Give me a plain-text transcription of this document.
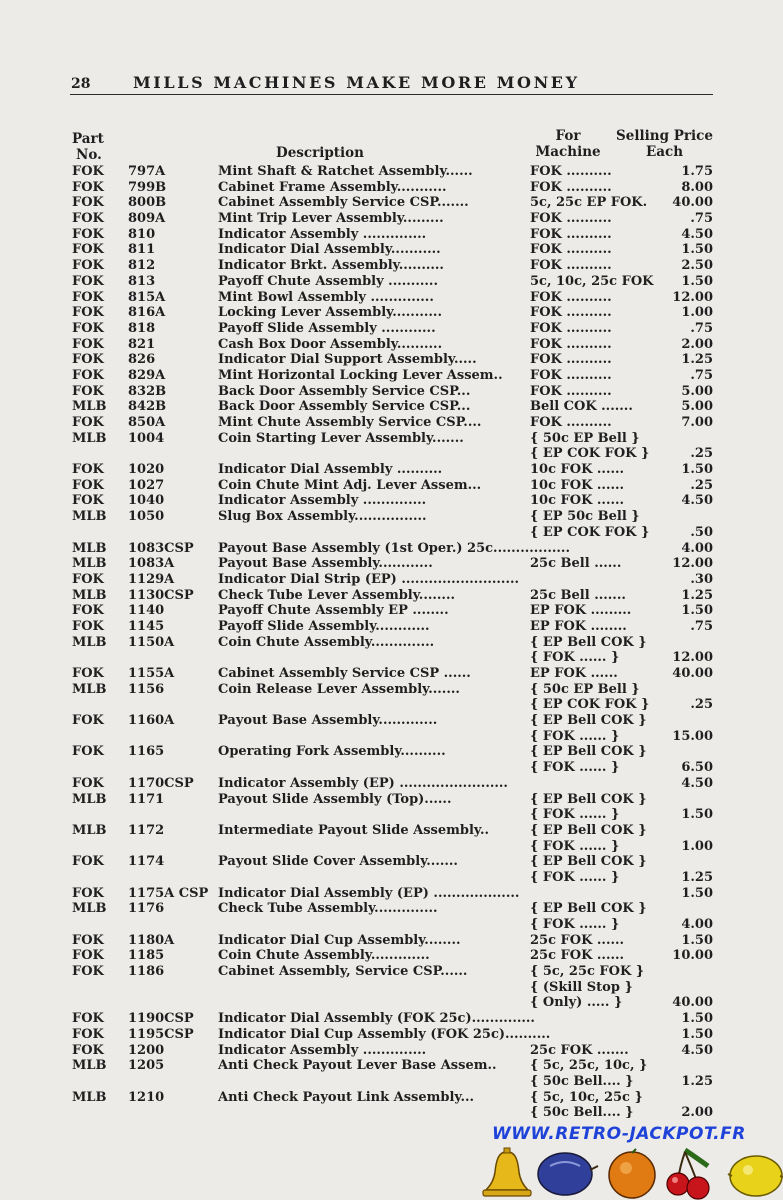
28	MILLS MACHINES MAKE MORE MONEY
Part
No.	Description
For
Machine
Selling Price
Each
FOK 797A	Mint Shaft & Ratchet Assembly......	FOK ..........	1.75
FOK 799B	Cabinet Frame Assembly...........	FOK ..........	8.00
FOK 800B	Cabinet Assembly Service CSP.......	5c, 25c EP FOK. 40.00
FOK 809A	Mint Trip Lever Assembly.........	FOK ..........	.75
FOK 810	Indicator Assembly ..............	FOK ..........	4.50
FOK 811	Indicator Dial Assembly...........	FOK ..........	1.50
FOK 812	Indicator Brkt. Assembly..........	FOK ..........	2.50
FOK 813	Payoff Chute Assembly ...........	5c, 10c, 25c FOK 1.50
FOK 815A	Mint Bowl Assembly ..............	FOK ..........	12.00
FOK 816A	Locking Lever Assembly...........	FOK ..........	1.00
FOK 818	Payoff Slide Assembly ............	FOK ..........	.75
FOK 821	Cash Box Door Assembly..........	FOK ..........	2.00
FOK 826	Indicator Dial Support Assembly.....	FOK ..........	1.25
FOK 829A	Mint Horizontal Locking Lever Assem.. FOK ..........	.75
FOK 832B	Back Door Assembly Service CSP...	FOK ..........	5.00
MLB 842B	Back Door Assembly Service CSP...	Bell COK .......	5.00
FOK 850A	Mint Chute Assembly Service CSP....	FOK ..........	7.00
MLB 1004	Coin Starting Lever Assembly.......	{ 50c EP Bell }
{ EP COK FOK }	.25
FOK 1020	Indicator Dial Assembly ..........	10c FOK ......	1.50
FOK 1027	Coin Chute Mint Adj. Lever Assem...	10c FOK ......	.25
FOK 1040	Indicator Assembly ..............	10c FOK ......	4.50
MLB 1050	Slug Box Assembly................	{ EP 50c Bell }
{ EP COK FOK }	.50
MLB 1083CSP Payout Base Assembly (1st Oper.) 25c.................	4.00
MLB 1083A	Payout Base Assembly............	25c Bell ......	12.00
FOK 1129A	Indicator Dial Strip (EP) ..........................	.30
MLB 1130CSP Check Tube Lever Assembly........	25c Bell .......	1.25
FOK 1140	Payoff Chute Assembly EP ........	EP FOK .........	1.50
FOK 1145	Payoff Slide Assembly............	EP FOK ........	.75
MLB 1150A	Coin Chute Assembly..............	{ EP Bell COK }
{ FOK ...... }	12.00
FOK 1155A	Cabinet Assembly Service CSP ......	EP FOK ......	40.00
MLB 1156	Coin Release Lever Assembly.......	{ 50c EP Bell }
{ EP COK FOK }	.25
FOK 1160A	Payout Base Assembly.............	{ EP Bell COK }
{ FOK ...... }	15.00
FOK 1165	Operating Fork Assembly..........	{ EP Bell COK }
{ FOK ...... }	6.50
FOK 1170CSP Indicator Assembly (EP) ........................	4.50
MLB 1171	Payout Slide Assembly (Top)......	{ EP Bell COK }
{ FOK ...... }	1.50
MLB 1172	Intermediate Payout Slide Assembly..	{ EP Bell COK }
{ FOK ...... }	1.00
FOK 1174	Payout Slide Cover Assembly.......	{ EP Bell COK }
{ FOK ...... }	1.25
FOK 1175A CSP Indicator Dial Assembly (EP) ...................	1.50
MLB 1176	Check Tube Assembly..............	{ EP Bell COK }
{ FOK ...... }	4.00
FOK 1180A	Indicator Dial Cup Assembly........	25c FOK ......	1.50
FOK 1185	Coin Chute Assembly.............	25c FOK ......	10.00
FOK 1186	Cabinet Assembly, Service CSP......	{ 5c, 25c FOK }
{ (Skill Stop }
{ Only) ..... }	40.00
FOK 1190CSP Indicator Dial Assembly (FOK 25c)..............	1.50
FOK 1195CSP Indicator Dial Cup Assembly (FOK 25c)..........	1.50
FOK 1200	Indicator Assembly ..............	25c FOK .......	4.50
MLB 1205	Anti Check Payout Lever Base Assem..	{ 5c, 25c, 10c, }
{ 50c Bell.... }	1.25
MLB 1210	Anti Check Payout Link Assembly...	{ 5c, 10c, 25c }
{ 50c Bell.... }	2.00
WWW.RETRO-JACKPOT.FR
